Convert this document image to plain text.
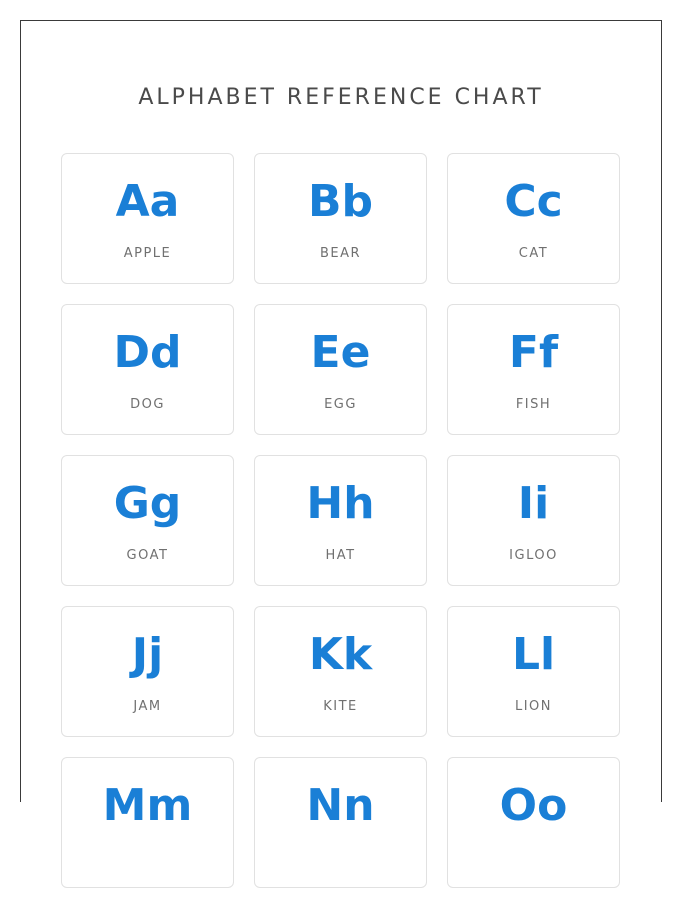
ALPHABET REFERENCE CHART
Aa
APPLE
Bb
BEAR
Cc
CAT
Dd
DOG
Ee
EGG
Ff
FISH
Gg
GOAT
Hh
HAT
Ii
IGLOO
Jj
JAM
Kk
KITE
Ll
LION
Mm	Nn	Oo
